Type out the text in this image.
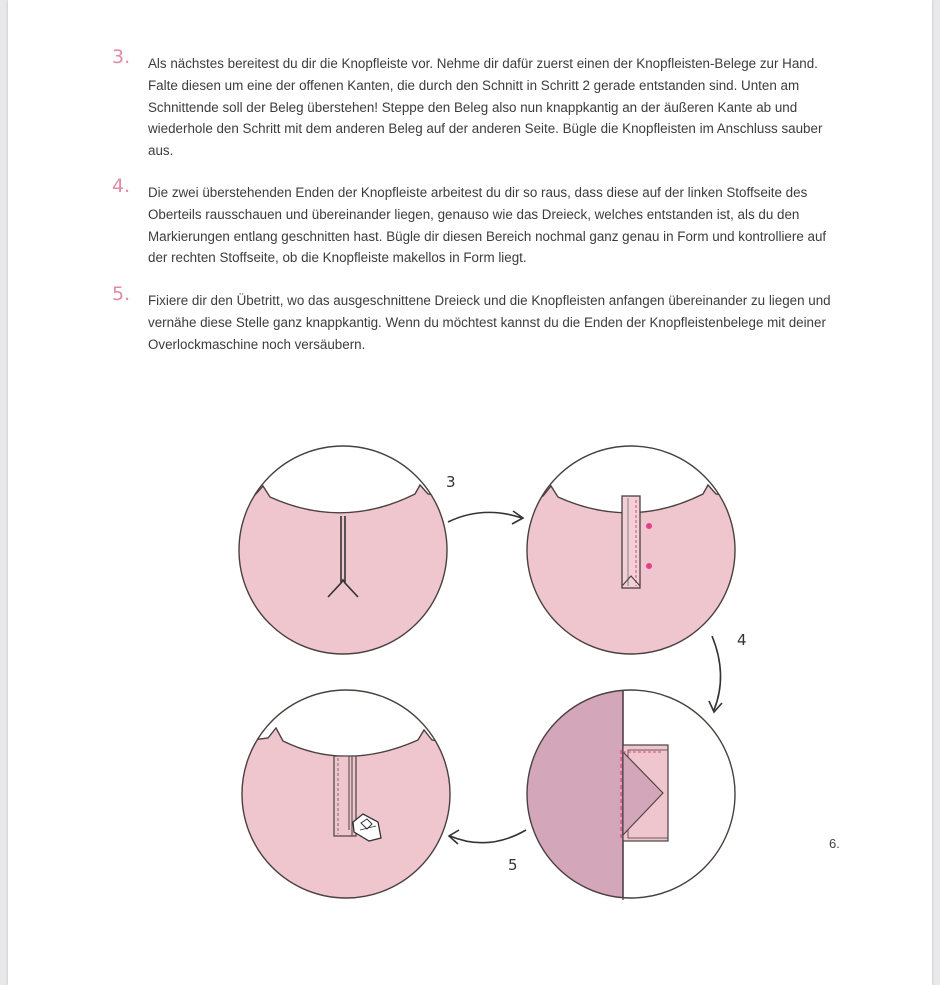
3. Als nächstes bereitest du dir die Knopfleiste vor. Nehme dir dafür zuerst einen der Knopfleisten-Belege zur Hand. Falte diesen um eine der offenen Kanten, die durch den Schnitt in Schritt 2 gerade entstanden sind. Unten am Schnittende soll der Beleg überstehen! Steppe den Beleg also nun knappkantig an der äußeren Kante ab und wiederhole den Schritt mit dem anderen Beleg auf der anderen Seite. Bügle die Knopfleisten im Anschluss sauber aus.

4. Die zwei überstehenden Enden der Knopfleiste arbeitest du dir so raus, dass diese auf der linken Stoffseite des Oberteils rausschauen und übereinander liegen, genauso wie das Dreieck, welches entstanden ist, als du den Markierungen entlang geschnitten hast. Bügle dir diesen Bereich nochmal ganz genau in Form und kontrolliere auf der rechten Stoffseite, ob die Knopfleiste makellos in Form liegt.

5. Fixiere dir den Übetritt, wo das ausgeschnittene Dreieck und die Knopfleisten anfangen übereinander zu liegen und vernähe diese Stelle ganz knappkantig. Wenn du möchtest kannst du die Enden der Knopfleistenbelege mit deiner Overlockmaschine noch versäubern.

3
4
5
6.
